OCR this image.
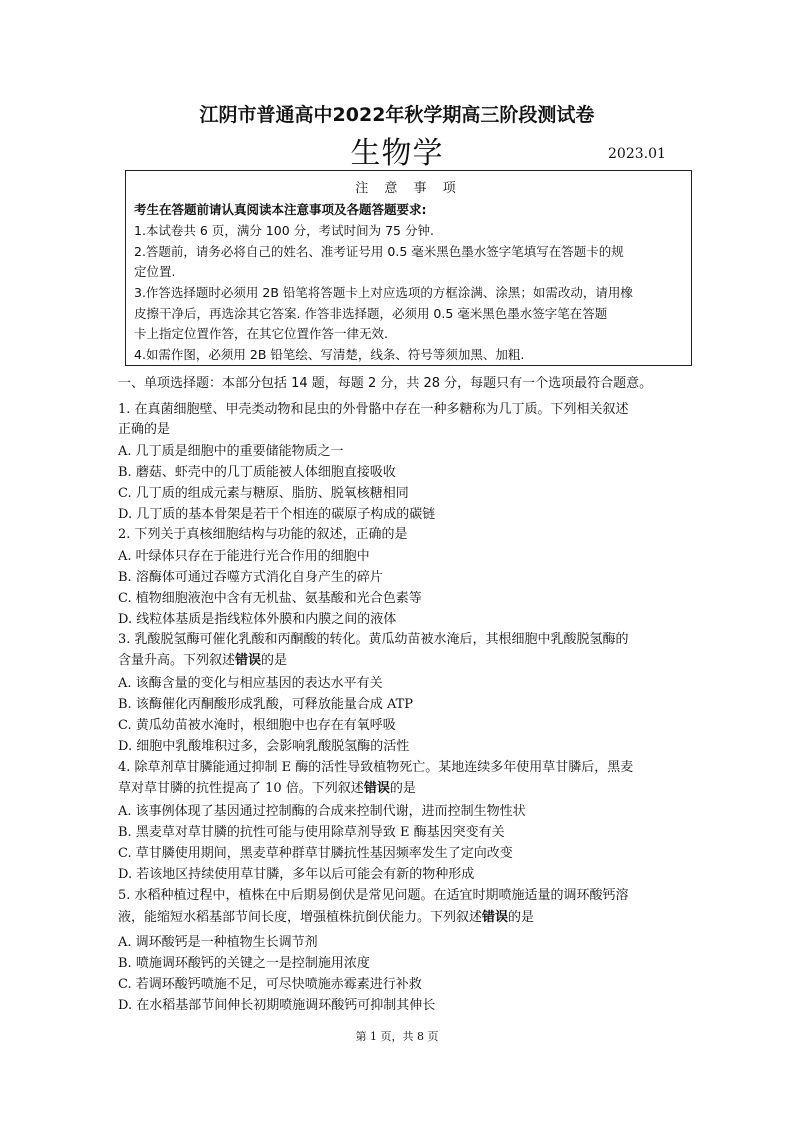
江阴市普通高中2022年秋学期高三阶段测试卷
生物学	2023.01
注 意 事 项
考生在答题前请认真阅读本注意事项及各题答题要求:
1.本试卷共 6 页，满分 100 分，考试时间为 75 分钟.
2.答题前，请务必将自己的姓名、准考证号用 0.5 毫米黑色墨水签字笔填写在答题卡的规
定位置.
3.作答选择题时必须用 2B 铅笔将答题卡上对应选项的方框涂满、涂黑；如需改动，请用橡
皮擦干净后，再选涂其它答案. 作答非选择题，必须用 0.5 毫米黑色墨水签字笔在答题
卡上指定位置作答，在其它位置作答一律无效.
4.如需作图，必须用 2B 铅笔绘、写清楚，线条、符号等须加黑、加粗.
一、单项选择题：本部分包括 14 题，每题 2 分，共 28 分，每题只有一个选项最符合题意。
1. 在真菌细胞壁、甲壳类动物和昆虫的外骨骼中存在一种多糖称为几丁质。下列相关叙述
正确的是
A. 几丁质是细胞中的重要储能物质之一
B. 蘑菇、虾壳中的几丁质能被人体细胞直接吸收
C. 几丁质的组成元素与糖原、脂肪、脱氧核糖相同
D. 几丁质的基本骨架是若干个相连的碳原子构成的碳链
2. 下列关于真核细胞结构与功能的叙述，正确的是
A. 叶绿体只存在于能进行光合作用的细胞中
B. 溶酶体可通过吞噬方式消化自身产生的碎片
C. 植物细胞液泡中含有无机盐、氨基酸和光合色素等
D. 线粒体基质是指线粒体外膜和内膜之间的液体
3. 乳酸脱氢酶可催化乳酸和丙酮酸的转化。黄瓜幼苗被水淹后，其根细胞中乳酸脱氢酶的
含量升高。下列叙述错误的是
A. 该酶含量的变化与相应基因的表达水平有关
B. 该酶催化丙酮酸形成乳酸，可释放能量合成 ATP
C. 黄瓜幼苗被水淹时，根细胞中也存在有氧呼吸
D. 细胞中乳酸堆积过多，会影响乳酸脱氢酶的活性
4. 除草剂草甘膦能通过抑制 E 酶的活性导致植物死亡。某地连续多年使用草甘膦后，黑麦
草对草甘膦的抗性提高了 10 倍。下列叙述错误的是
A. 该事例体现了基因通过控制酶的合成来控制代谢，进而控制生物性状
B. 黑麦草对草甘膦的抗性可能与使用除草剂导致 E 酶基因突变有关
C. 草甘膦使用期间，黑麦草种群草甘膦抗性基因频率发生了定向改变
D. 若该地区持续使用草甘膦，多年以后可能会有新的物种形成
5. 水稻种植过程中，植株在中后期易倒伏是常见问题。在适宜时期喷施适量的调环酸钙溶
液，能缩短水稻基部节间长度，增强植株抗倒伏能力。下列叙述错误的是
A. 调环酸钙是一种植物生长调节剂
B. 喷施调环酸钙的关键之一是控制施用浓度
C. 若调环酸钙喷施不足，可尽快喷施赤霉素进行补救
D. 在水稻基部节间伸长初期喷施调环酸钙可抑制其伸长
第 1 页，共 8 页
